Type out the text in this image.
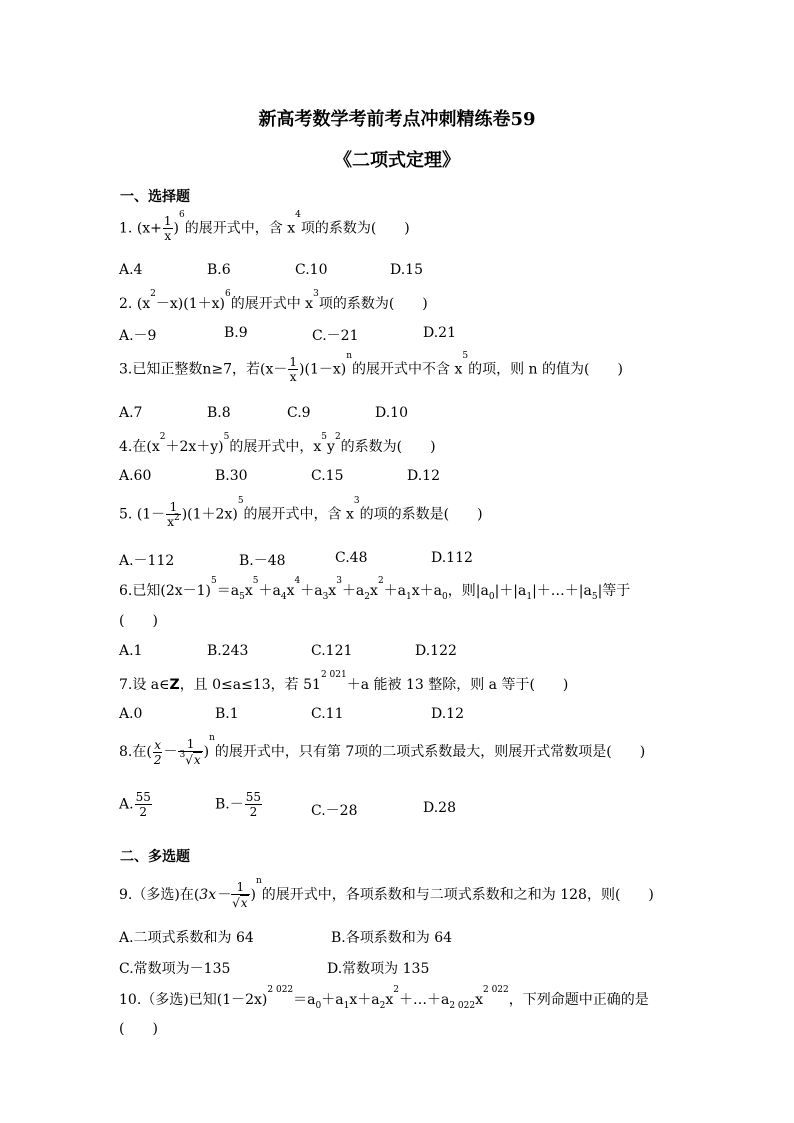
新高考数学考前考点冲刺精练卷59
《二项式定理》
一、选择题
1. $(x+ \frac{1}{x} )^6$的展开式中，含 $x^4$项的系数为(　　)
A.4	B.6	C.10	D.15
2. $(x^2-x)(1+x)^6$的展开式中 $x^3$项的系数为(　　)
A.－9	B.9	C.－21	D.21
3.已知正整数n≥7，若$(x- \frac{1}{x} )(1-x)^n$的展开式中不含 $x^5$的项，则 n 的值为(　　)
A.7	B.8	C.9	D.10
4.在$(x^2+2x+y)^5$的展开式中，$x^5y^2$的系数为(　　)
A.60	B.30	C.15	D.12
5. $(1- \frac{1}{x^2} )(1+2x)^5$的展开式中，含 $x^3$的项的系数是(　　)
A.－112	B.－48	C.48	D.112
6.已知$(2x-1)^5=a_5x^5+a_4x^4+a_3x^3+a_2x^2+a_1x+a_0$，则$|a_0|+|a_1|+\dots+|a_5|$等于
(　　)
A.1	B.243	C.121	D.122
7.设 a∈Z，且 0≤a≤13，若 $51^{2 021}+a$ 能被 13 整除，则 a 等于(　　)
A.0	B.1	C.11	D.12
8.在( $\frac{x}{2} - \frac{1}{^3√x} )^n$的展开式中，只有第 7项的二项式系数最大，则展开式常数项是(　　)
A. $\frac{55}{2}$	$B.- \frac{55}{2}$	C.－28	D.28
二、多选题
9.（多选)在$(3x- \frac{1}{√x} )^n$的展开式中，各项系数和与二项式系数和之和为 128，则(　　)
A.二项式系数和为 64	B.各项系数和为 64
C.常数项为－135	D.常数项为 135
10.（多选)已知$(1-2x)^{2 022}=a_0+a_1x+a_2x^2+\dots+a_{2 022}x^{2 022}$，下列命题中正确的是
(　　)
